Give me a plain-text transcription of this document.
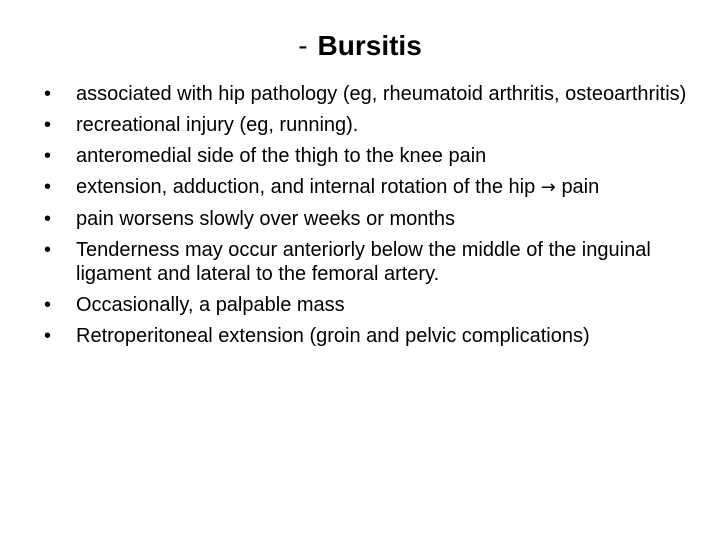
- Bursitis
•	associated with hip pathology (eg, rheumatoid arthritis, osteoarthritis)
•	recreational injury (eg, running).
•	anteromedial side of the thigh to the knee pain
•	extension, adduction, and internal rotation of the hip → pain
•	pain worsens slowly over weeks or months
•	Tenderness may occur anteriorly below the middle of the inguinal ligament and lateral to the femoral artery.
•	Occasionally, a palpable mass
•	Retroperitoneal extension (groin and pelvic complications)
